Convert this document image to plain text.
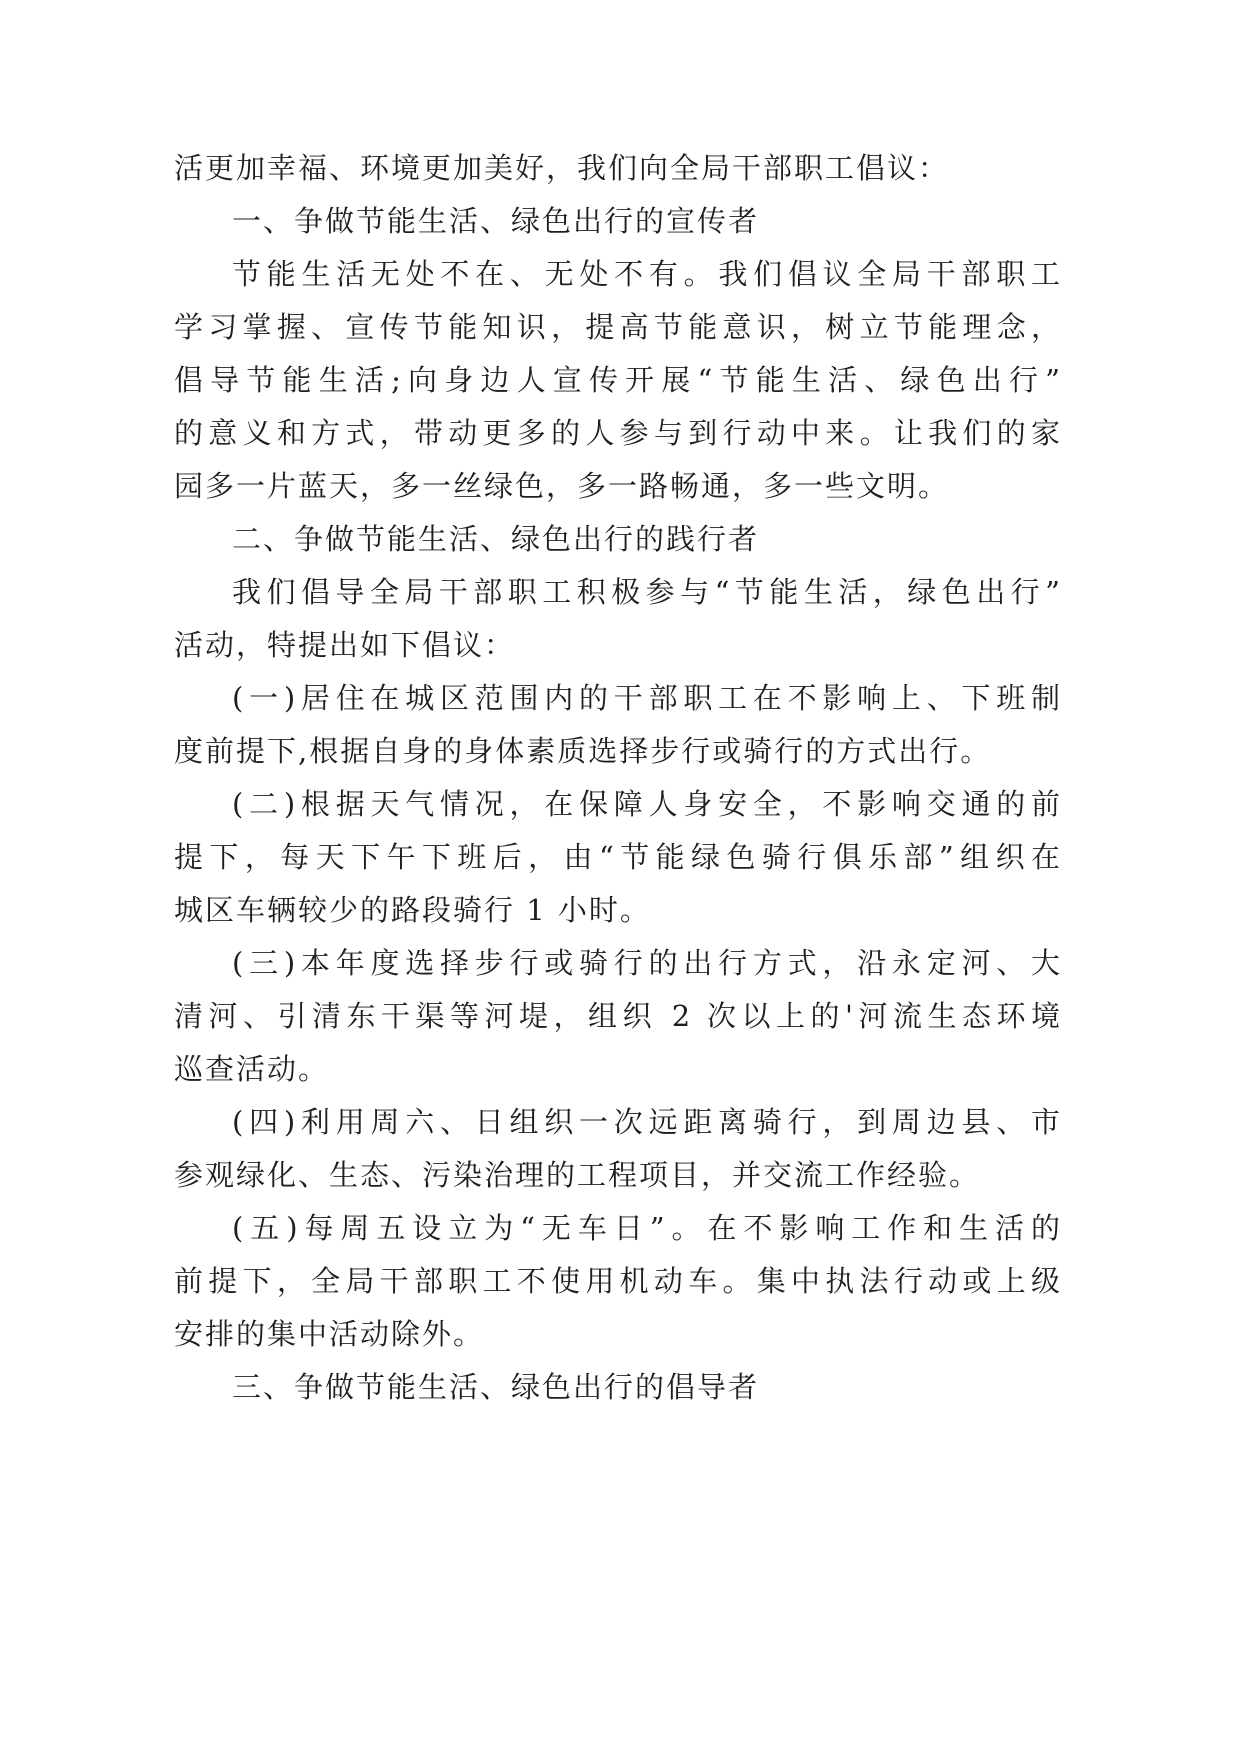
活更加幸福、环境更加美好，我们向全局干部职工倡议：

一、争做节能生活、绿色出行的宣传者

节能生活无处不在、无处不有。我们倡议全局干部职工
学习掌握、宣传节能知识，提高节能意识，树立节能理念，
倡导节能生活;向身边人宣传开展“节能生活、绿色出行”
的意义和方式，带动更多的人参与到行动中来。让我们的家
园多一片蓝天，多一丝绿色，多一路畅通，多一些文明。

二、争做节能生活、绿色出行的践行者

我们倡导全局干部职工积极参与“节能生活，绿色出行”
活动，特提出如下倡议：

(一)居住在城区范围内的干部职工在不影响上、下班制
度前提下,根据自身的身体素质选择步行或骑行的方式出行。

(二)根据天气情况，在保障人身安全，不影响交通的前
提下，每天下午下班后，由“节能绿色骑行俱乐部”组织在
城区车辆较少的路段骑行 1 小时。

(三)本年度选择步行或骑行的出行方式，沿永定河、大
清河、引清东干渠等河堤，组织 2 次以上的'河流生态环境
巡查活动。

(四)利用周六、日组织一次远距离骑行，到周边县、市
参观绿化、生态、污染治理的工程项目，并交流工作经验。

(五)每周五设立为“无车日”。在不影响工作和生活的
前提下，全局干部职工不使用机动车。集中执法行动或上级
安排的集中活动除外。

三、争做节能生活、绿色出行的倡导者
